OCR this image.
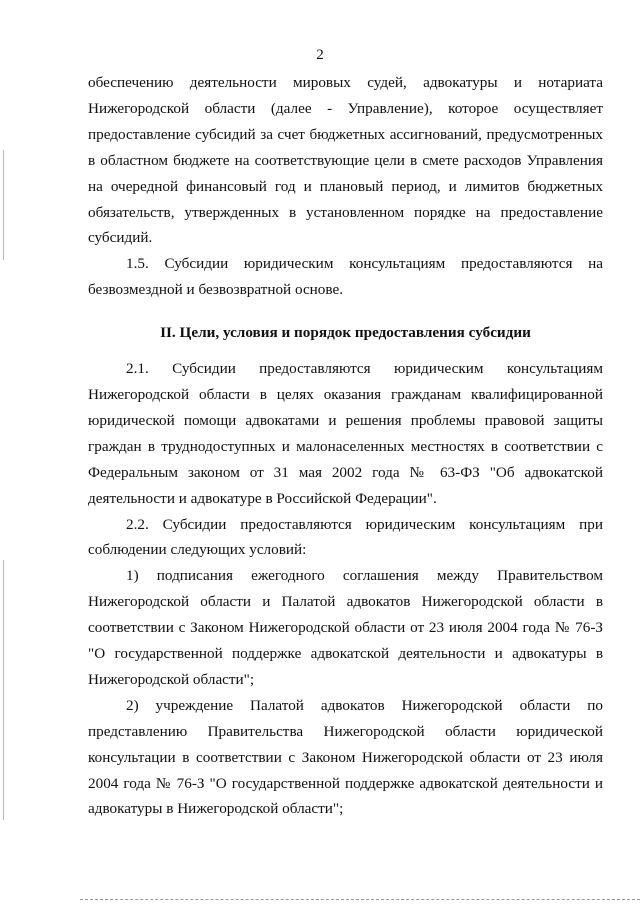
2

обеспечению деятельности мировых судей, адвокатуры и нотариата Нижегородской области (далее - Управление), которое осуществляет предоставление субсидий за счет бюджетных ассигнований, предусмотренных в областном бюджете на соответствующие цели в смете расходов Управления на очередной финансовый год и плановый период, и лимитов бюджетных обязательств, утвержденных в установленном порядке на предоставление субсидий.

1.5. Субсидии юридическим консультациям предоставляются на безвозмездной и безвозвратной основе.

II. Цели, условия и порядок предоставления субсидии

2.1. Субсидии предоставляются юридическим консультациям Нижегородской области в целях оказания гражданам квалифицированной юридической помощи адвокатами и решения проблемы правовой защиты граждан в труднодоступных и малонаселенных местностях в соответствии с Федеральным законом от 31 мая 2002 года № 63-ФЗ "Об адвокатской деятельности и адвокатуре в Российской Федерации".

2.2. Субсидии предоставляются юридическим консультациям при соблюдении следующих условий:

1) подписания ежегодного соглашения между Правительством Нижегородской области и Палатой адвокатов Нижегородской области в соответствии с Законом Нижегородской области от 23 июля 2004 года № 76-З "О государственной поддержке адвокатской деятельности и адвокатуры в Нижегородской области";

2) учреждение Палатой адвокатов Нижегородской области по представлению Правительства Нижегородской области юридической консультации в соответствии с Законом Нижегородской области от 23 июля 2004 года № 76-З "О государственной поддержке адвокатской деятельности и адвокатуры в Нижегородской области";
